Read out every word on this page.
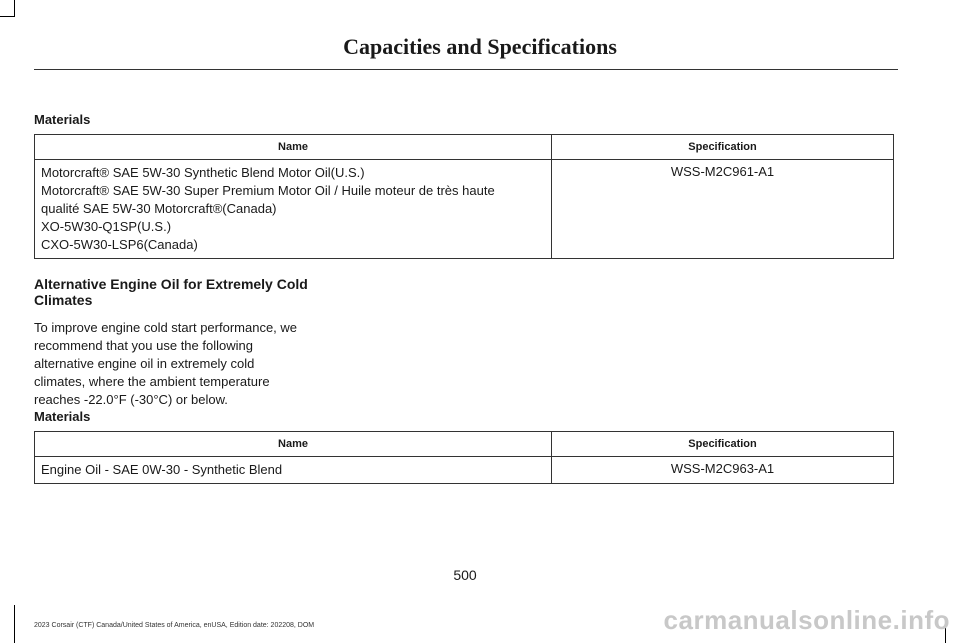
Capacities and Specifications
Materials
Name	Specification

Motorcraft® SAE 5W-30 Synthetic Blend Motor Oil(U.S.)
Motorcraft® SAE 5W-30 Super Premium Motor Oil / Huile moteur de très haute
qualité SAE 5W-30 Motorcraft®(Canada)
XO-5W30-Q1SP(U.S.)
CXO-5W30-LSP6(Canada)	WSS-M2C961-A1
Alternative Engine Oil for Extremely Cold Climates
To improve engine cold start performance, we recommend that you use the following alternative engine oil in extremely cold climates, where the ambient temperature reaches -22.0°F (-30°C) or below.
Materials
Name	Specification
Engine Oil - SAE 0W-30 - Synthetic Blend	WSS-M2C963-A1
500
2023 Corsair (CTF) Canada/United States of America, enUSA, Edition date: 202208, DOM	carmanualsonline.info
